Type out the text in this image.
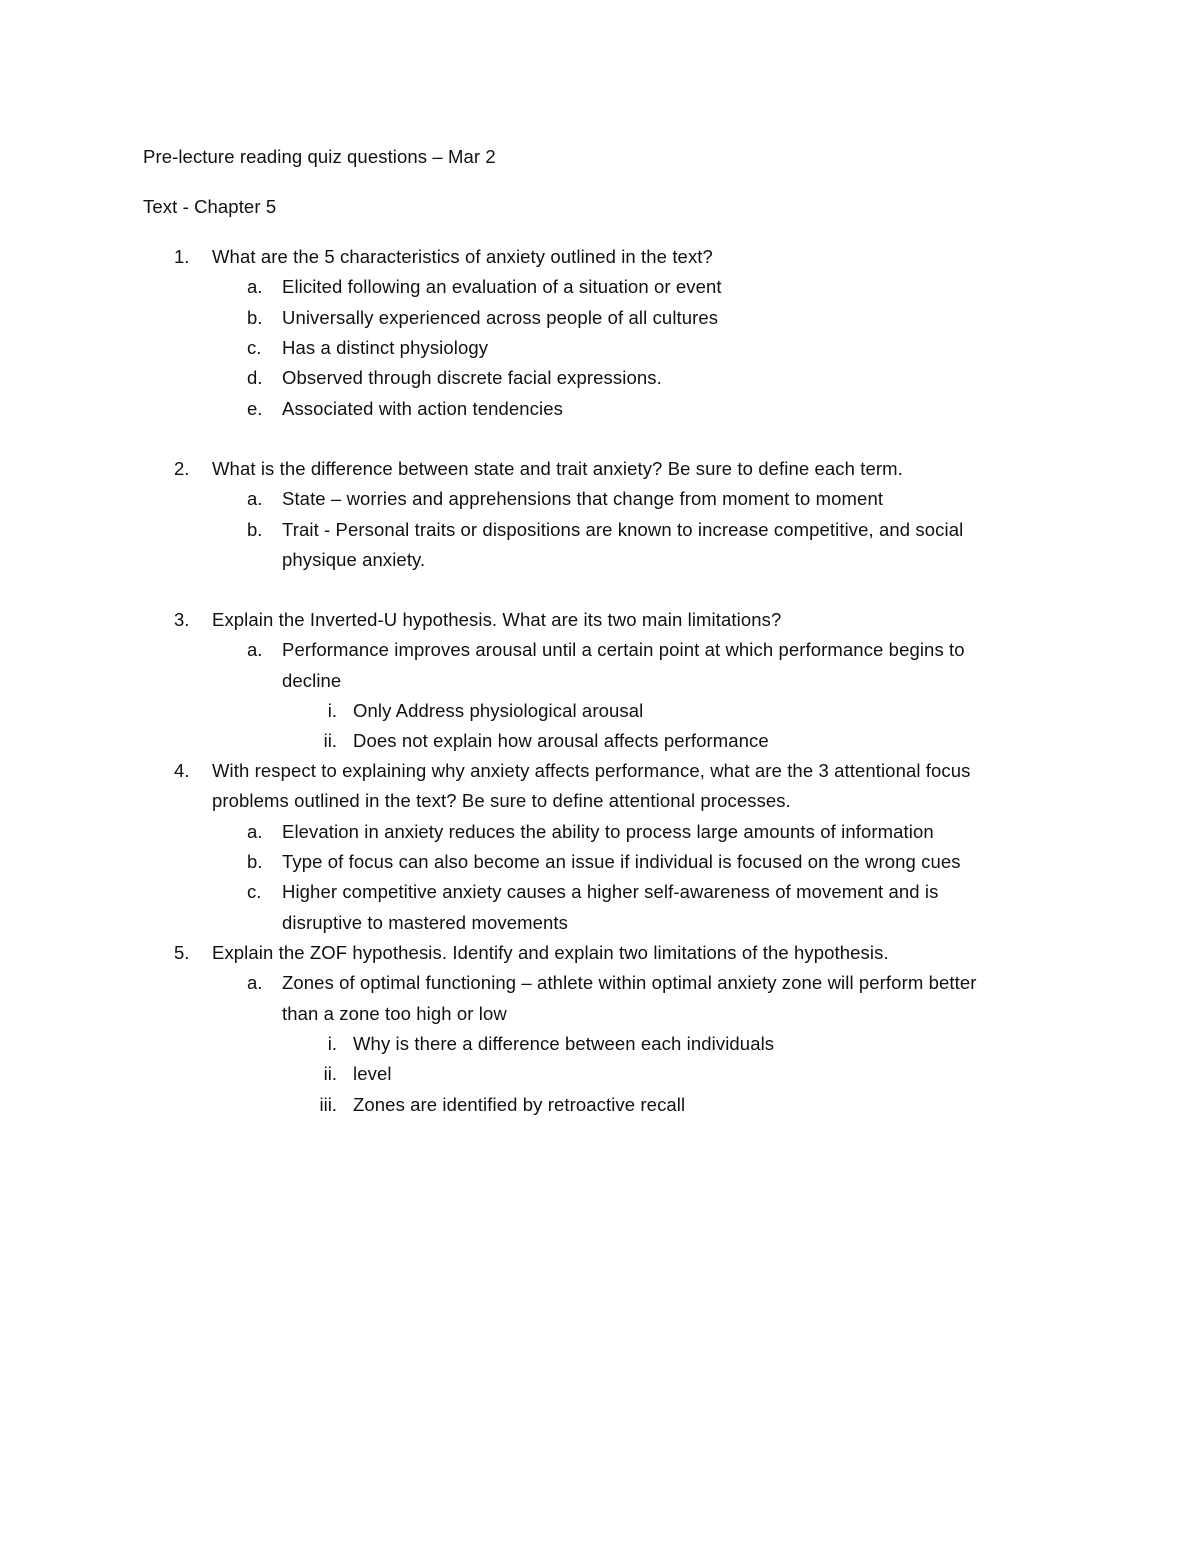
Pre-lecture reading quiz questions – Mar 2
Text - Chapter 5
1. What are the 5 characteristics of anxiety outlined in the text?
a. Elicited following an evaluation of a situation or event
b. Universally experienced across people of all cultures
c. Has a distinct physiology
d. Observed through discrete facial expressions.
e. Associated with action tendencies
2. What is the difference between state and trait anxiety? Be sure to define each term.
a. State – worries and apprehensions that change from moment to moment
b. Trait - Personal traits or dispositions are known to increase competitive, and social
physique anxiety.
3. Explain the Inverted-U hypothesis. What are its two main limitations?
a. Performance improves arousal until a certain point at which performance begins to
decline
i. Only Address physiological arousal
ii. Does not explain how arousal affects performance
4. With respect to explaining why anxiety affects performance, what are the 3 attentional focus
problems outlined in the text? Be sure to define attentional processes.
a. Elevation in anxiety reduces the ability to process large amounts of information
b. Type of focus can also become an issue if individual is focused on the wrong cues
c. Higher competitive anxiety causes a higher self-awareness of movement and is
disruptive to mastered movements
5. Explain the ZOF hypothesis. Identify and explain two limitations of the hypothesis.
a. Zones of optimal functioning – athlete within optimal anxiety zone will perform better
than a zone too high or low
i. Why is there a difference between each individuals
ii. level
iii. Zones are identified by retroactive recall
